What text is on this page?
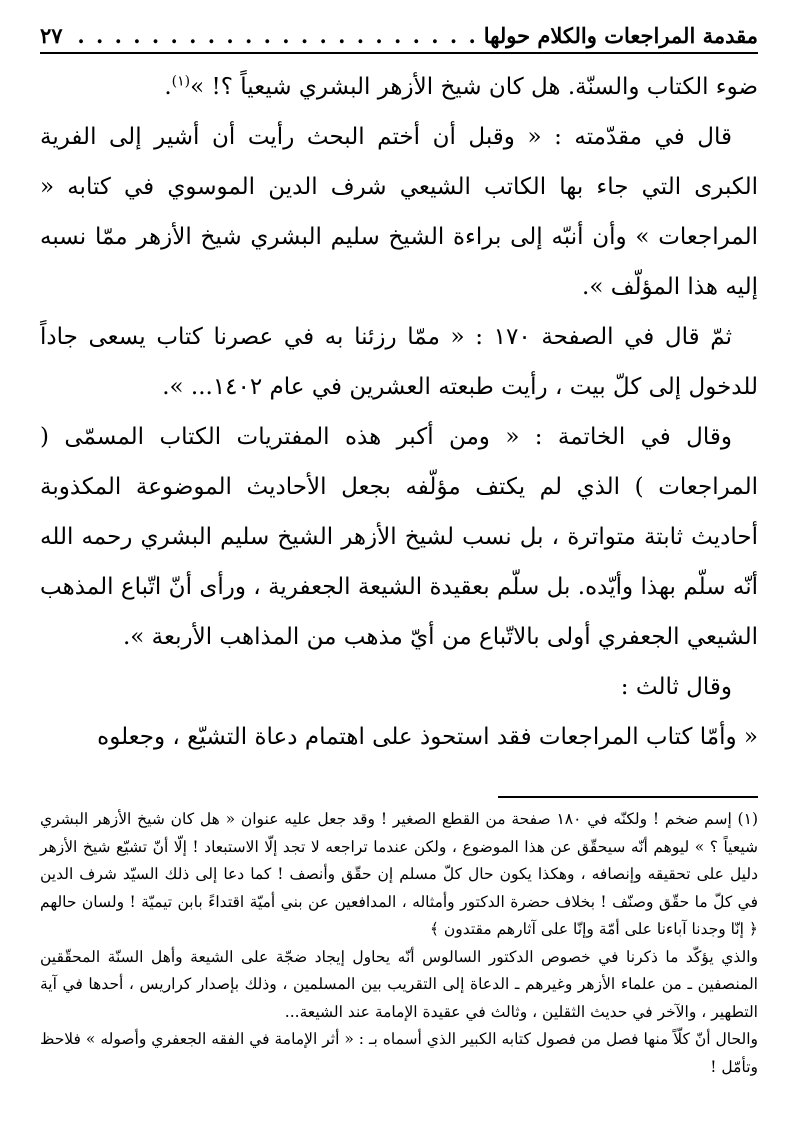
مقدمة المراجعات والكلام حولها
. . .
٢٧

ضوء الكتاب والسنّة. هل كان شيخ الأزهر البشري شيعياً ؟! »$^{(١)}$.

قال في مقدّمته : « وقبل أن أختم البحث رأيت أن أشير إلى الفرية الكبرى التي جاء بها الكاتب الشيعي شرف الدين الموسوي في كتابه « المراجعات » وأن أنبّه إلى براءة الشيخ سليم البشري شيخ الأزهر ممّا نسبه إليه هذا المؤلّف ».

ثمّ قال في الصفحة ١٧٠ : « ممّا رزئنا به في عصرنا كتاب يسعى جاداً للدخول إلى كلّ بيت ، رأيت طبعته العشرين في عام ١٤٠٢... ».

وقال في الخاتمة : « ومن أكبر هذه المفتريات الكتاب المسمّى ( المراجعات ) الذي لم يكتف مؤلّفه بجعل الأحاديث الموضوعة المكذوبة أحاديث ثابتة متواترة ، بل نسب لشيخ الأزهر الشيخ سليم البشري رحمه الله أنّه سلّم بهذا وأيّده. بل سلّم بعقيدة الشيعة الجعفرية ، ورأى أنّ اتّباع المذهب الشيعي الجعفري أولى بالاتّباع من أيّ مذهب من المذاهب الأربعة ».

وقال ثالث :

« وأمّا كتاب المراجعات فقد استحوذ على اهتمام دعاة التشيّع ، وجعلوه

(١) إسم ضخم ! ولكنّه في ١٨٠ صفحة من القطع الصغير ! وقد جعل عليه عنوان « هل كان شيخ الأزهر البشري شيعياً ؟ » ليوهم أنّه سيحقّق عن هذا الموضوع ، ولكن عندما تراجعه لا تجد إلّا الاستبعاد ! إلّا أنّ تشيّع شيخ الأزهر دليل على تحقيقه وإنصافه ، وهكذا يكون حال كلّ مسلم إن حقّق وأنصف ! كما دعا إلى ذلك السيّد شرف الدين في كلّ ما حقّق وصنّف ! بخلاف حضرة الدكتور وأمثاله ، المدافعين عن بني أميّة اقتداءً بابن تيميّة ! ولسان حالهم ﴿ إنّا وجدنا آباءنا على أمّة وإنّا على آثارهم مقتدون ﴾

والذي يؤكّد ما ذكرنا في خصوص الدكتور السالوس أنّه يحاول إيجاد ضجّة على الشيعة وأهل السنّة المحقّقين المنصفين ـ من علماء الأزهر وغيرهم ـ الدعاة إلى التقريب بين المسلمين ، وذلك بإصدار كراريس ، أحدها في آية التطهير ، والآخر في حديث الثقلين ، وثالث في عقيدة الإمامة عند الشيعة...

والحال أنّ كلّاً منها فصل من فصول كتابه الكبير الذي أسماه بـ : « أثر الإمامة في الفقه الجعفري وأصوله » فلاحظ وتأمّل !
